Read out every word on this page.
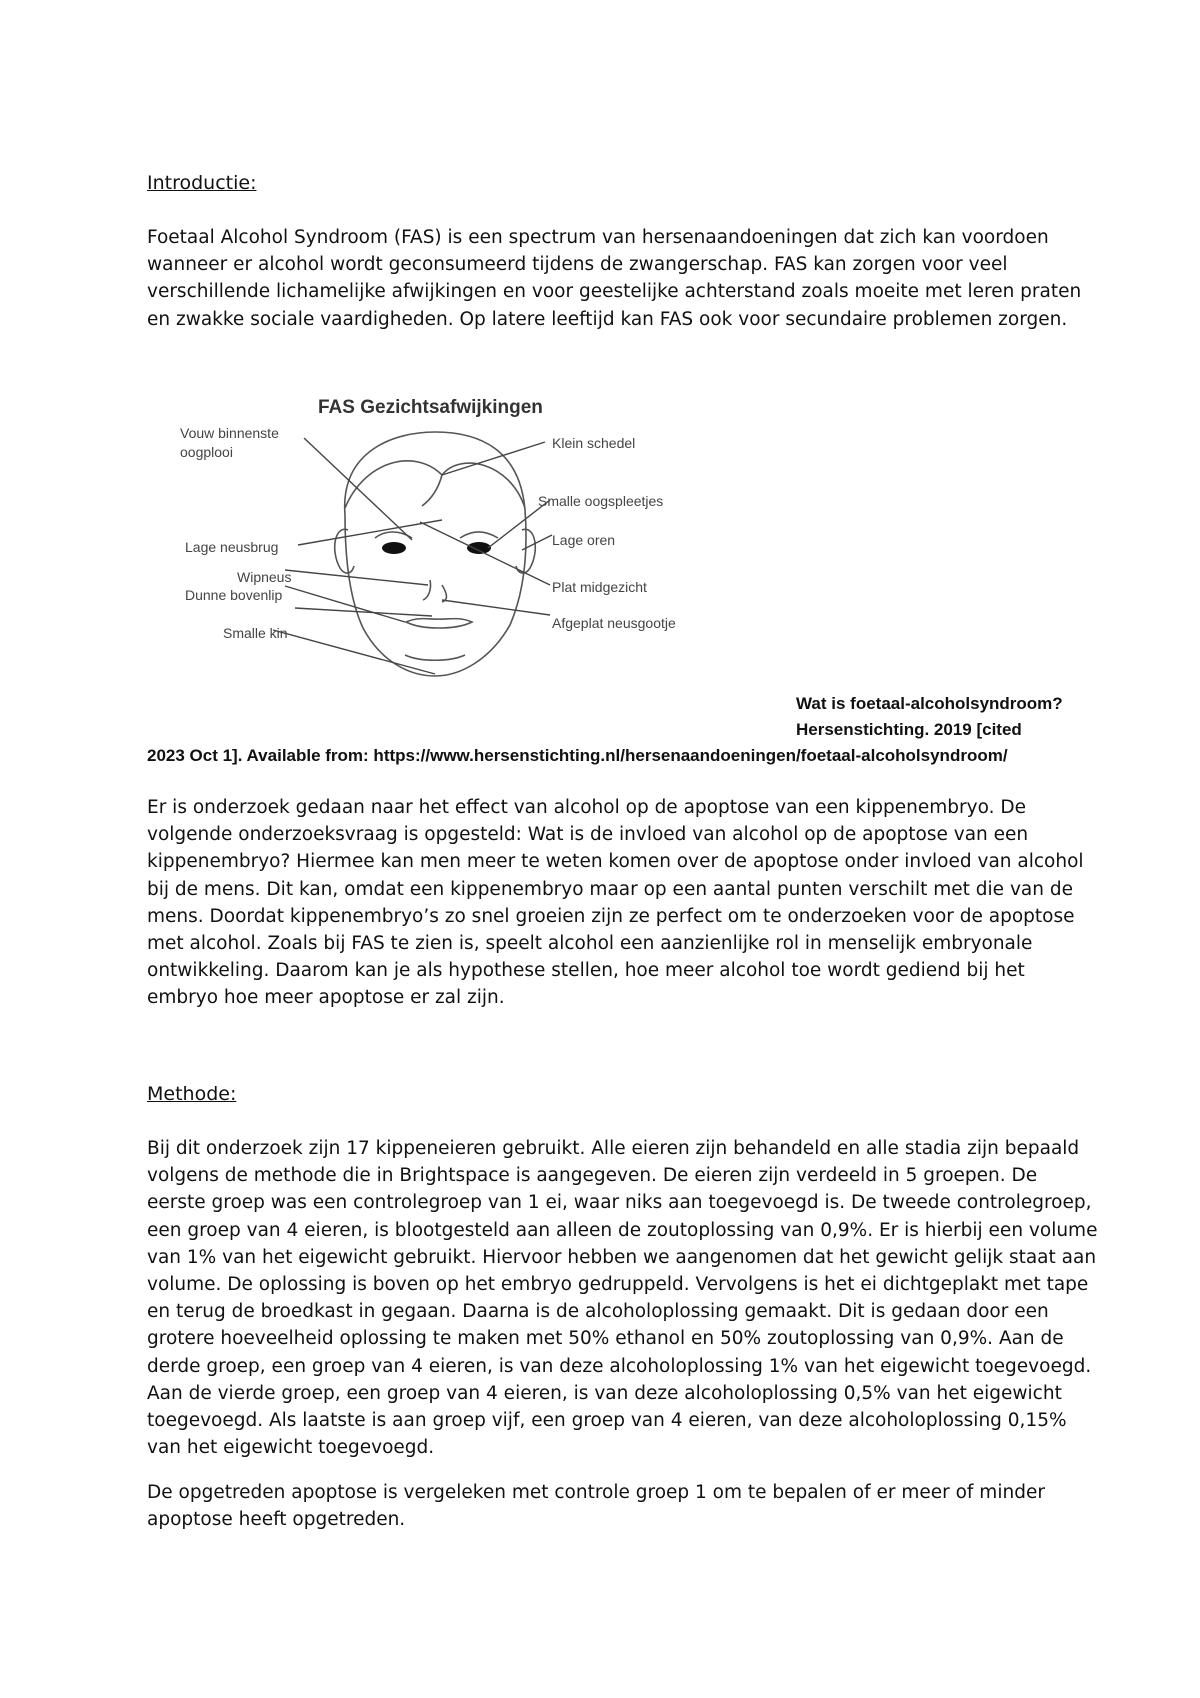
Introductie:

Foetaal Alcohol Syndroom (FAS) is een spectrum van hersenaandoeningen dat zich kan voordoen
wanneer er alcohol wordt geconsumeerd tijdens de zwangerschap. FAS kan zorgen voor veel
verschillende lichamelijke afwijkingen en voor geestelijke achterstand zoals moeite met leren praten
en zwakke sociale vaardigheden. Op latere leeftijd kan FAS ook voor secundaire problemen zorgen.

FAS Gezichtsafwijkingen
Vouw binnenste
oogplooi
Lage neusbrug
Wipneus
Dunne bovenlip
Smalle kin
Klein schedel
Smalle oogspleetjes
Lage oren
Plat midgezicht
Afgeplat neusgootje
Wat is foetaal-alcoholsyndroom?
Hersenstichting. 2019 [cited
2023 Oct 1]. Available from: https://www.hersenstichting.nl/hersenaandoeningen/foetaal-alcoholsyndroom/

Er is onderzoek gedaan naar het effect van alcohol op de apoptose van een kippenembryo. De
volgende onderzoeksvraag is opgesteld: Wat is de invloed van alcohol op de apoptose van een
kippenembryo? Hiermee kan men meer te weten komen over de apoptose onder invloed van alcohol
bij de mens. Dit kan, omdat een kippenembryo maar op een aantal punten verschilt met die van de
mens. Doordat kippenembryo’s zo snel groeien zijn ze perfect om te onderzoeken voor de apoptose
met alcohol. Zoals bij FAS te zien is, speelt alcohol een aanzienlijke rol in menselijk embryonale
ontwikkeling. Daarom kan je als hypothese stellen, hoe meer alcohol toe wordt gediend bij het
embryo hoe meer apoptose er zal zijn.

Methode:

Bij dit onderzoek zijn 17 kippeneieren gebruikt. Alle eieren zijn behandeld en alle stadia zijn bepaald
volgens de methode die in Brightspace is aangegeven. De eieren zijn verdeeld in 5 groepen. De
eerste groep was een controlegroep van 1 ei, waar niks aan toegevoegd is. De tweede controlegroep,
een groep van 4 eieren, is blootgesteld aan alleen de zoutoplossing van 0,9%. Er is hierbij een volume
van 1% van het eigewicht gebruikt. Hiervoor hebben we aangenomen dat het gewicht gelijk staat aan
volume. De oplossing is boven op het embryo gedruppeld. Vervolgens is het ei dichtgeplakt met tape
en terug de broedkast in gegaan. Daarna is de alcoholoplossing gemaakt. Dit is gedaan door een
grotere hoeveelheid oplossing te maken met 50% ethanol en 50% zoutoplossing van 0,9%. Aan de
derde groep, een groep van 4 eieren, is van deze alcoholoplossing 1% van het eigewicht toegevoegd.
Aan de vierde groep, een groep van 4 eieren, is van deze alcoholoplossing 0,5% van het eigewicht
toegevoegd. Als laatste is aan groep vijf, een groep van 4 eieren, van deze alcoholoplossing 0,15%
van het eigewicht toegevoegd.

De opgetreden apoptose is vergeleken met controle groep 1 om te bepalen of er meer of minder
apoptose heeft opgetreden.
